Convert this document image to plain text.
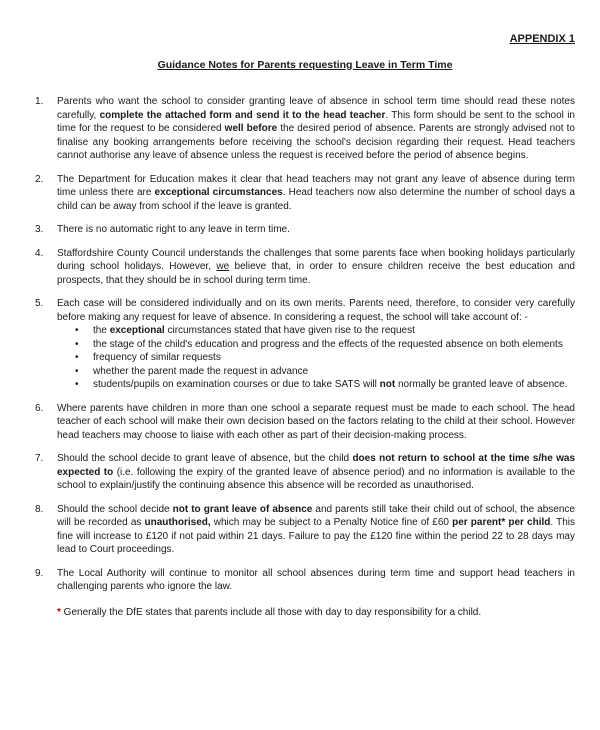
APPENDIX 1
Guidance Notes for Parents requesting Leave in Term Time
1.	Parents who want the school to consider granting leave of absence in school term time should read these notes carefully, complete the attached form and send it to the head teacher. This form should be sent to the school in time for the request to be considered well before the desired period of absence. Parents are strongly advised not to finalise any booking arrangements before receiving the school's decision regarding their request. Head teachers cannot authorise any leave of absence unless the request is received before the period of absence begins.
2.	The Department for Education makes it clear that head teachers may not grant any leave of absence during term time unless there are exceptional circumstances. Head teachers now also determine the number of school days a child can be away from school if the leave is granted.
3.	There is no automatic right to any leave in term time.
4.	Staffordshire County Council understands the challenges that some parents face when booking holidays particularly during school holidays. However, we believe that, in order to ensure children receive the best education and prospects, that they should be in school during term time.
5.	Each case will be considered individually and on its own merits. Parents need, therefore, to consider very carefully before making any request for leave of absence. In considering a request, the school will take account of: -
•	the exceptional circumstances stated that have given rise to the request
•	the stage of the child's education and progress and the effects of the requested absence on both elements
•	frequency of similar requests
•	whether the parent made the request in advance
•	students/pupils on examination courses or due to take SATS will not normally be granted leave of absence.
6.	Where parents have children in more than one school a separate request must be made to each school. The head teacher of each school will make their own decision based on the factors relating to the child at their school. However head teachers may choose to liaise with each other as part of their decision-making process.
7.	Should the school decide to grant leave of absence, but the child does not return to school at the time s/he was expected to (i.e. following the expiry of the granted leave of absence period) and no information is available to the school to explain/justify the continuing absence this absence will be recorded as unauthorised.
8.	Should the school decide not to grant leave of absence and parents still take their child out of school, the absence will be recorded as unauthorised, which may be subject to a Penalty Notice fine of £60 per parent* per child. This fine will increase to £120 if not paid within 21 days. Failure to pay the £120 fine within the period 22 to 28 days may lead to Court proceedings.
9.	The Local Authority will continue to monitor all school absences during term time and support head teachers in challenging parents who ignore the law.
* Generally the DfE states that parents include all those with day to day responsibility for a child.
